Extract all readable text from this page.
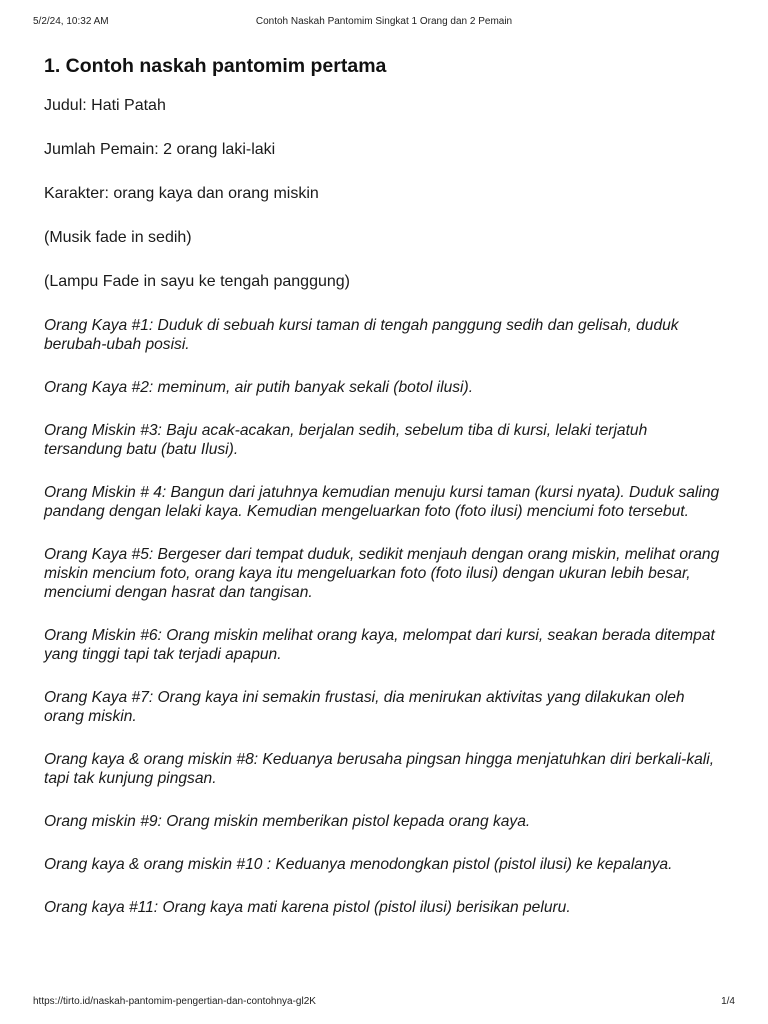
5/2/24, 10:32 AM	Contoh Naskah Pantomim Singkat 1 Orang dan 2 Pemain
1. Contoh naskah pantomim pertama

Judul: Hati Patah

Jumlah Pemain: 2 orang laki-laki

Karakter: orang kaya dan orang miskin

(Musik fade in sedih)

(Lampu Fade in sayu ke tengah panggung)

Orang Kaya #1: Duduk di sebuah kursi taman di tengah panggung sedih dan gelisah, duduk berubah-ubah posisi.

Orang Kaya #2: meminum, air putih banyak sekali (botol ilusi).

Orang Miskin #3: Baju acak-acakan, berjalan sedih, sebelum tiba di kursi, lelaki terjatuh tersandung batu (batu Ilusi).

Orang Miskin # 4: Bangun dari jatuhnya kemudian menuju kursi taman (kursi nyata). Duduk saling pandang dengan lelaki kaya. Kemudian mengeluarkan foto (foto ilusi) menciumi foto tersebut.

Orang Kaya #5: Bergeser dari tempat duduk, sedikit menjauh dengan orang miskin, melihat orang miskin mencium foto, orang kaya itu mengeluarkan foto (foto ilusi) dengan ukuran lebih besar, menciumi dengan hasrat dan tangisan.

Orang Miskin #6: Orang miskin melihat orang kaya, melompat dari kursi, seakan berada ditempat yang tinggi tapi tak terjadi apapun.

Orang Kaya #7: Orang kaya ini semakin frustasi, dia menirukan aktivitas yang dilakukan oleh orang miskin.

Orang kaya & orang miskin #8: Keduanya berusaha pingsan hingga menjatuhkan diri berkali-kali, tapi tak kunjung pingsan.

Orang miskin #9: Orang miskin memberikan pistol kepada orang kaya.

Orang kaya & orang miskin #10 : Keduanya menodongkan pistol (pistol ilusi) ke kepalanya.

Orang kaya #11: Orang kaya mati karena pistol (pistol ilusi) berisikan peluru.

https://tirto.id/naskah-pantomim-pengertian-dan-contohnya-gl2K	1/4
